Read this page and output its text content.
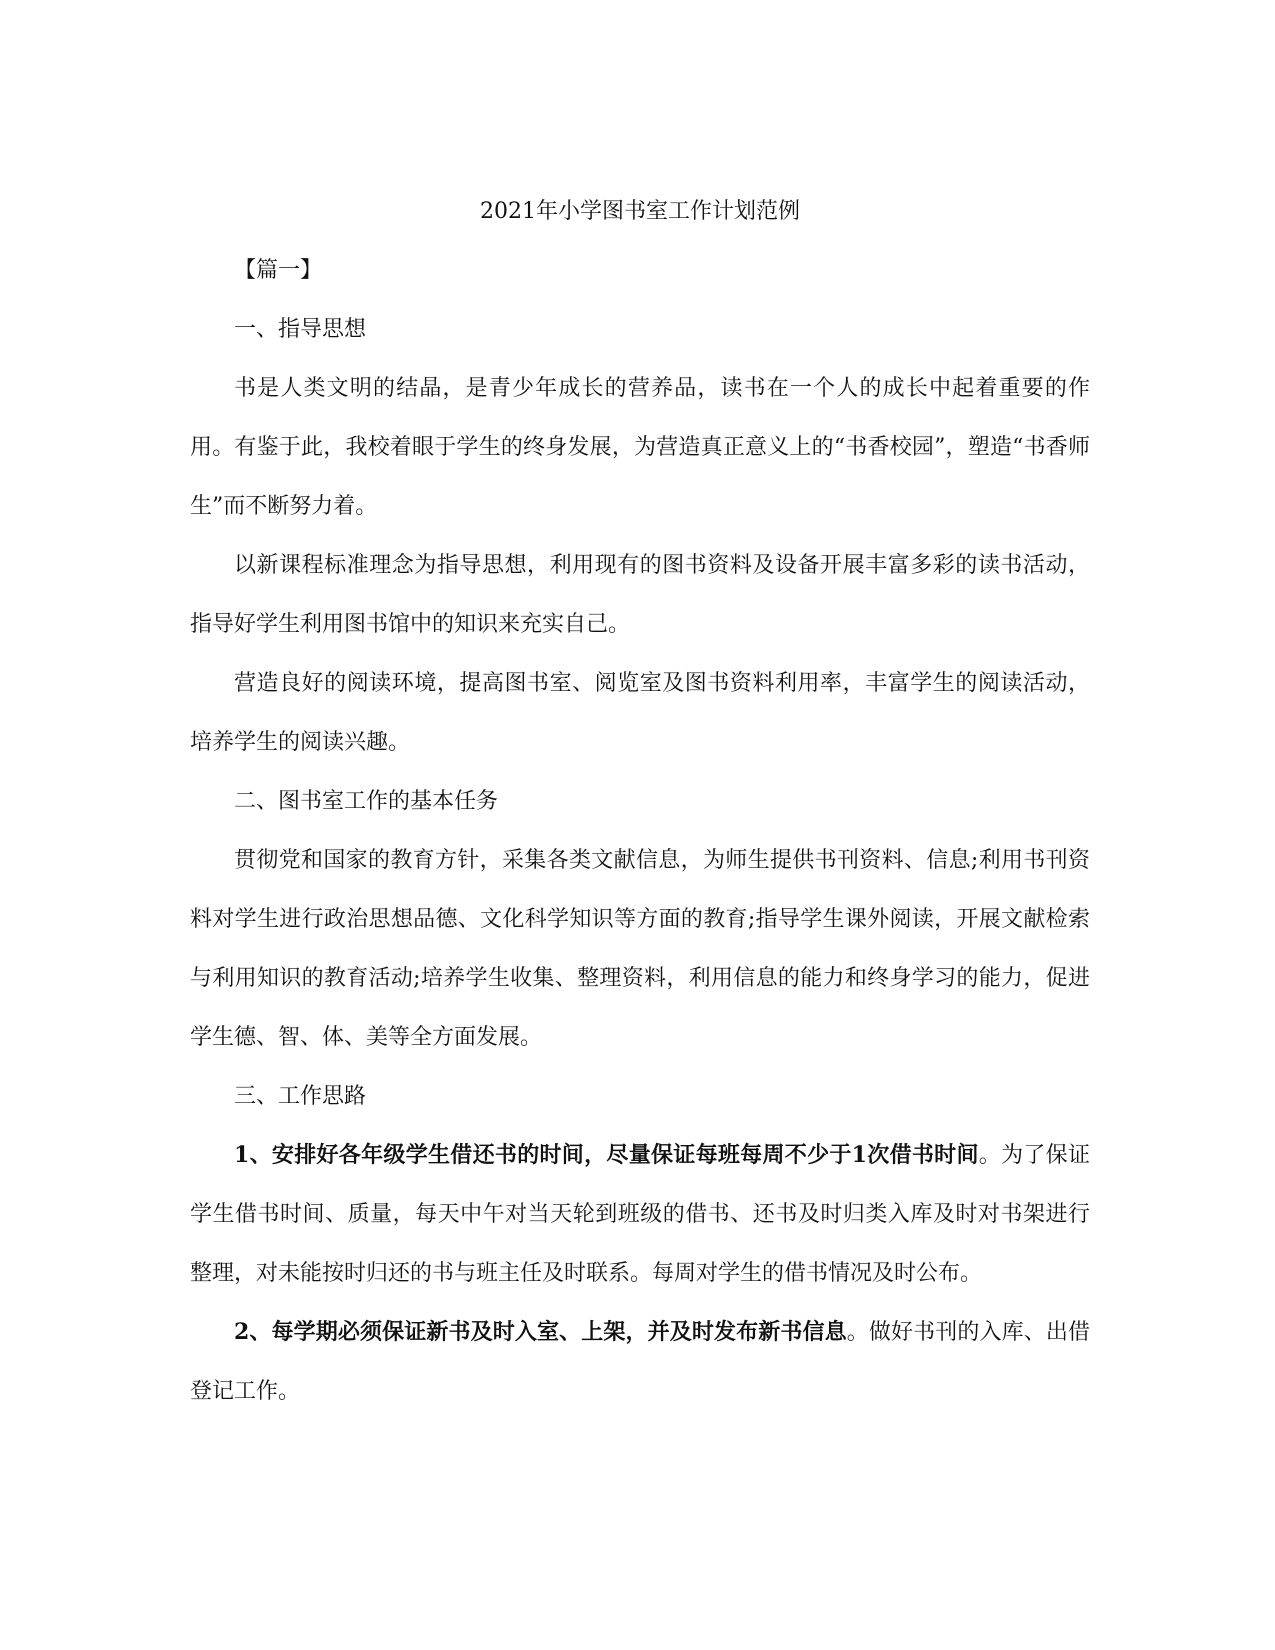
2021年小学图书室工作计划范例

【篇一】

一、指导思想

书是人类文明的结晶，是青少年成长的营养品，读书在一个人的成长中起着重要的作用。有鉴于此，我校着眼于学生的终身发展，为营造真正意义上的“书香校园”，塑造“书香师生”而不断努力着。

以新课程标准理念为指导思想，利用现有的图书资料及设备开展丰富多彩的读书活动，指导好学生利用图书馆中的知识来充实自己。

营造良好的阅读环境，提高图书室、阅览室及图书资料利用率，丰富学生的阅读活动，培养学生的阅读兴趣。

二、图书室工作的基本任务

贯彻党和国家的教育方针，采集各类文献信息，为师生提供书刊资料、信息;利用书刊资料对学生进行政治思想品德、文化科学知识等方面的教育;指导学生课外阅读，开展文献检索与利用知识的教育活动;培养学生收集、整理资料，利用信息的能力和终身学习的能力，促进学生德、智、体、美等全方面发展。

三、工作思路

1、安排好各年级学生借还书的时间，尽量保证每班每周不少于1次借书时间。为了保证学生借书时间、质量，每天中午对当天轮到班级的借书、还书及时归类入库及时对书架进行整理，对未能按时归还的书与班主任及时联系。每周对学生的借书情况及时公布。

2、每学期必须保证新书及时入室、上架，并及时发布新书信息。做好书刊的入库、出借登记工作。
